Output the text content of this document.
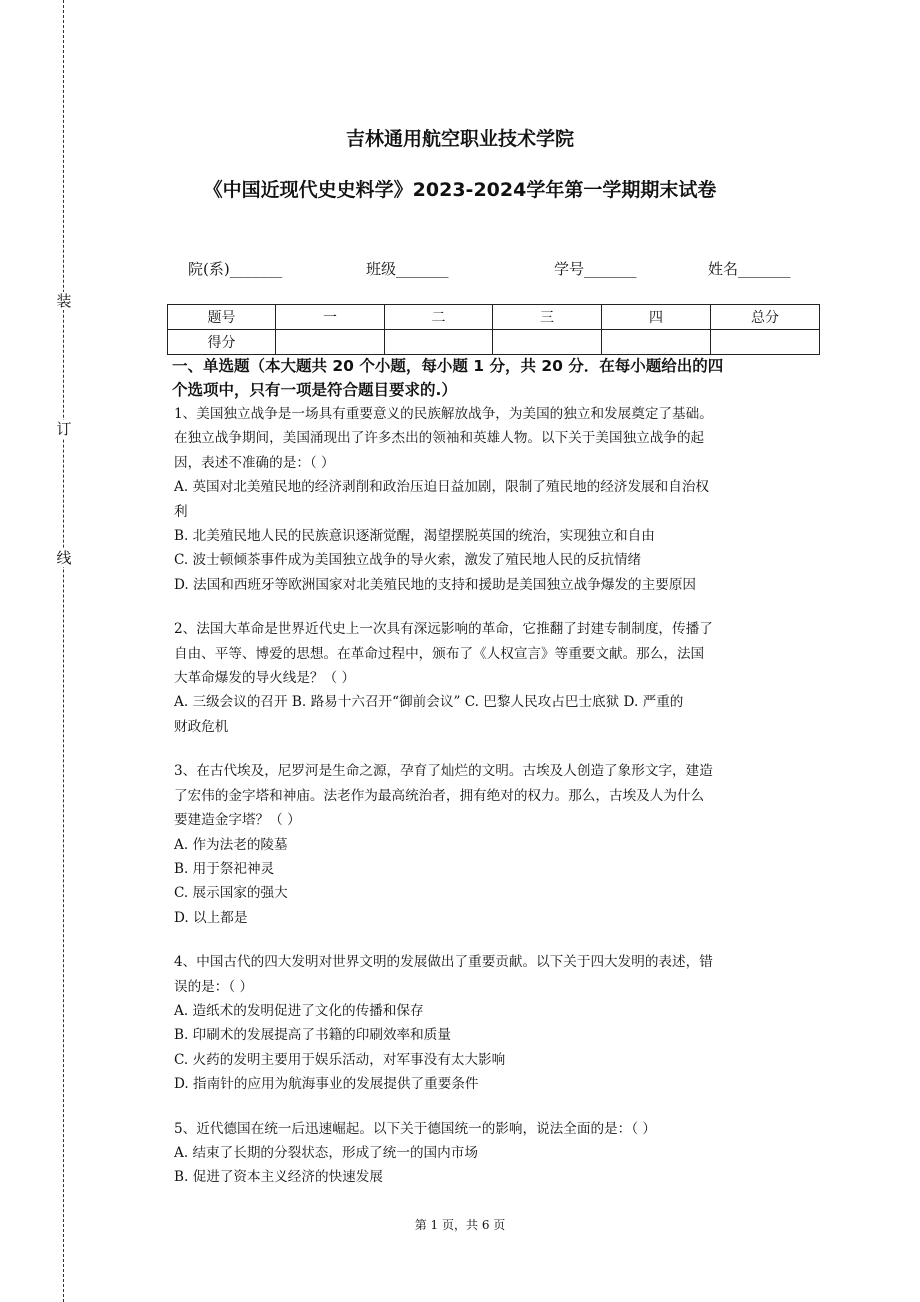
装
订
线
吉林通用航空职业技术学院
《中国近现代史史料学》2023-2024学年第一学期期末试卷
院(系)_______	班级_______	学号_______	姓名_______
题号	一	二	三	四	总分
得分					
一、单选题（本大题共 20 个小题，每小题 1 分，共 20 分．在每小题给出的四
个选项中，只有一项是符合题目要求的.）

1、美国独立战争是一场具有重要意义的民族解放战争，为美国的独立和发展奠定了基础。

在独立战争期间，美国涌现出了许多杰出的领袖和英雄人物。以下关于美国独立战争的起

因，表述不准确的是：（ ）

A. 英国对北美殖民地的经济剥削和政治压迫日益加剧，限制了殖民地的经济发展和自治权

利

B. 北美殖民地人民的民族意识逐渐觉醒，渴望摆脱英国的统治，实现独立和自由

C. 波士顿倾茶事件成为美国独立战争的导火索，激发了殖民地人民的反抗情绪

D. 法国和西班牙等欧洲国家对北美殖民地的支持和援助是美国独立战争爆发的主要原因

2、法国大革命是世界近代史上一次具有深远影响的革命，它推翻了封建专制制度，传播了

自由、平等、博爱的思想。在革命过程中，颁布了《人权宣言》等重要文献。那么，法国

大革命爆发的导火线是？（ ）

A. 三级会议的召开 B. 路易十六召开“御前会议” C. 巴黎人民攻占巴士底狱 D. 严重的

财政危机

3、在古代埃及，尼罗河是生命之源，孕育了灿烂的文明。古埃及人创造了象形文字，建造

了宏伟的金字塔和神庙。法老作为最高统治者，拥有绝对的权力。那么，古埃及人为什么

要建造金字塔？（ ）

A. 作为法老的陵墓

B. 用于祭祀神灵

C. 展示国家的强大

D. 以上都是

4、中国古代的四大发明对世界文明的发展做出了重要贡献。以下关于四大发明的表述，错

误的是：（ ）

A. 造纸术的发明促进了文化的传播和保存

B. 印刷术的发展提高了书籍的印刷效率和质量

C. 火药的发明主要用于娱乐活动，对军事没有太大影响

D. 指南针的应用为航海事业的发展提供了重要条件

5、近代德国在统一后迅速崛起。以下关于德国统一的影响，说法全面的是：（ ）

A. 结束了长期的分裂状态，形成了统一的国内市场

B. 促进了资本主义经济的快速发展

第 1 页，共 6 页
